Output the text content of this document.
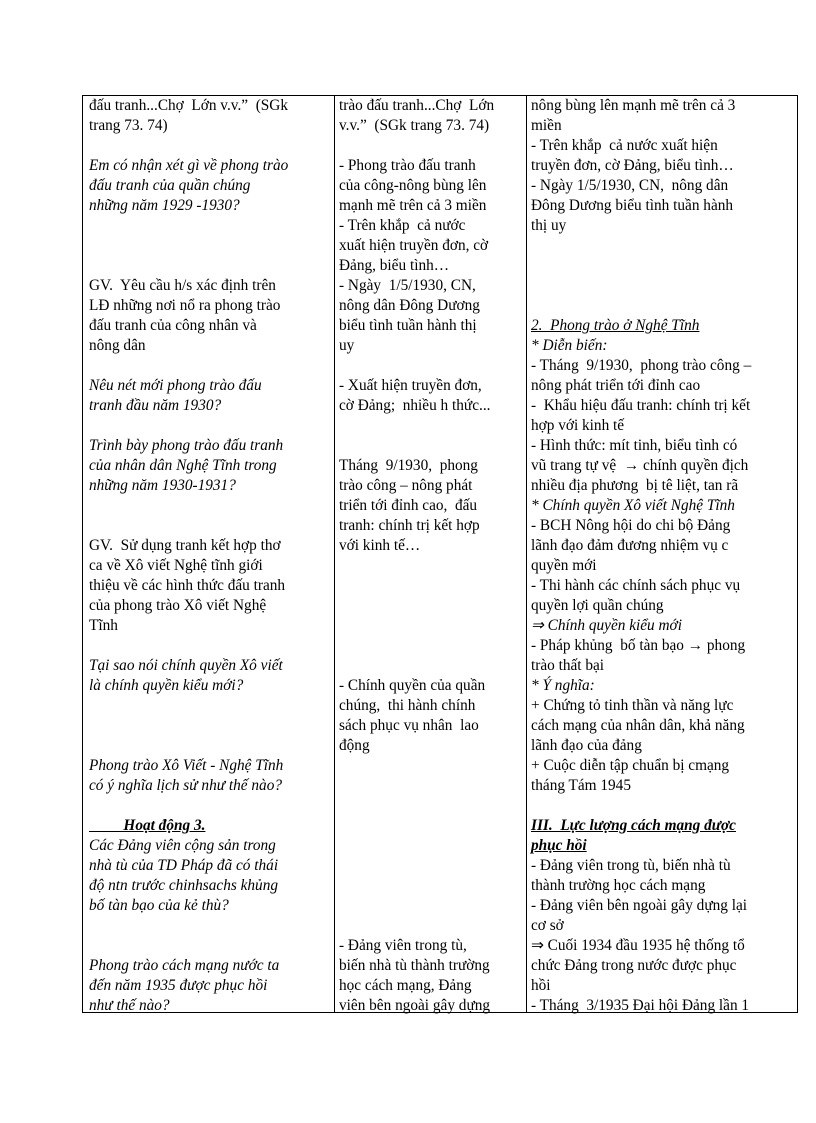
đấu tranh...Chợ  Lớn v.v.”  (SGk
trang 73. 74)
Em có nhận xét gì về phong trào
đấu tranh của quần chúng
những năm 1929 -1930?
GV.  Yêu cầu h/s xác định trên
LĐ những nơi nổ ra phong trào
đấu tranh của công nhân và
nông dân
Nêu nét mới phong trào đấu
tranh đầu năm 1930?
Trình bày phong trào đấu tranh
của nhân dân Nghệ Tĩnh trong
những năm 1930-1931?
GV.  Sử dụng tranh kết hợp thơ
ca về Xô viết Nghệ tĩnh giới
thiệu về các hình thức đấu tranh
của phong trào Xô viết Nghệ
Tĩnh
Tại sao nói chính quyền Xô viết
là chính quyền kiểu mới?
Phong trào Xô Viết - Nghệ Tĩnh
có ý nghĩa lịch sử như thế nào?
Hoạt động 3.
Các Đảng viên cộng sản trong
nhà tù của TD Pháp đã có thái
độ ntn trước chinhsachs khủng
bố tàn bạo của kẻ thù?
Phong trào cách mạng nước ta
đến năm 1935 được phục hồi
như thế nào?
trào đấu tranh...Chợ  Lớn
v.v.”  (SGk trang 73. 74)
- Phong trào đấu tranh
của công-nông bùng lên
mạnh mẽ trên cả 3 miền
- Trên khắp  cả nước
xuất hiện truyền đơn, cờ
Đảng, biểu tình…
- Ngày  1/5/1930, CN,
nông dân Đông Dương
biểu tình tuần hành thị
uy
- Xuất hiện truyền đơn,
cờ Đảng;  nhiều h thức...
Tháng  9/1930,  phong
trào công – nông phát
triển tới đỉnh cao,  đấu
tranh: chính trị kết hợp
với kinh tế…
- Chính quyền của quần
chúng,  thi hành chính
sách phục vụ nhân  lao
động
- Đảng viên trong tù,
biến nhà tù thành trường
học cách mạng, Đảng
viên bên ngoài gây dựng
nông bùng lên mạnh mẽ trên cả 3
miền
- Trên khắp  cả nước xuất hiện
truyền đơn, cờ Đảng, biểu tình…
- Ngày 1/5/1930, CN,  nông dân
Đông Dương biểu tình tuần hành
thị uy
2.  Phong trào ở Nghệ Tĩnh
* Diễn biến:
- Tháng  9/1930,  phong trào công –
nông phát triển tới đỉnh cao
-  Khẩu hiệu đấu tranh: chính trị kết
hợp với kinh tế
- Hình thức: mít tinh, biểu tình có
vũ trang tự vệ  → chính quyền địch
nhiều địa phương  bị tê liệt, tan rã
* Chính quyền Xô viết Nghệ Tĩnh
- BCH Nông hội do chi bộ Đảng
lãnh đạo đảm đương nhiệm vụ c
quyền mới
- Thi hành các chính sách phục vụ
quyền lợi quần chúng
⇒ Chính quyền kiểu mới
- Pháp khủng  bố tàn bạo → phong
trào thất bại
* Ý nghĩa:
+ Chứng tỏ tinh thần và năng lực
cách mạng của nhân dân, khả năng
lãnh đạo của đảng
+ Cuộc diễn tập chuẩn bị cmạng
tháng Tám 1945
III.  Lực lượng cách mạng được
phục hồi
- Đảng viên trong tù, biến nhà tù
thành trường học cách mạng
- Đảng viên bên ngoài gây dựng lại
cơ sở
⇒ Cuối 1934 đầu 1935 hệ thống tổ
chức Đảng trong nước được phục
hồi
- Tháng  3/1935 Đại hội Đảng lần 1
